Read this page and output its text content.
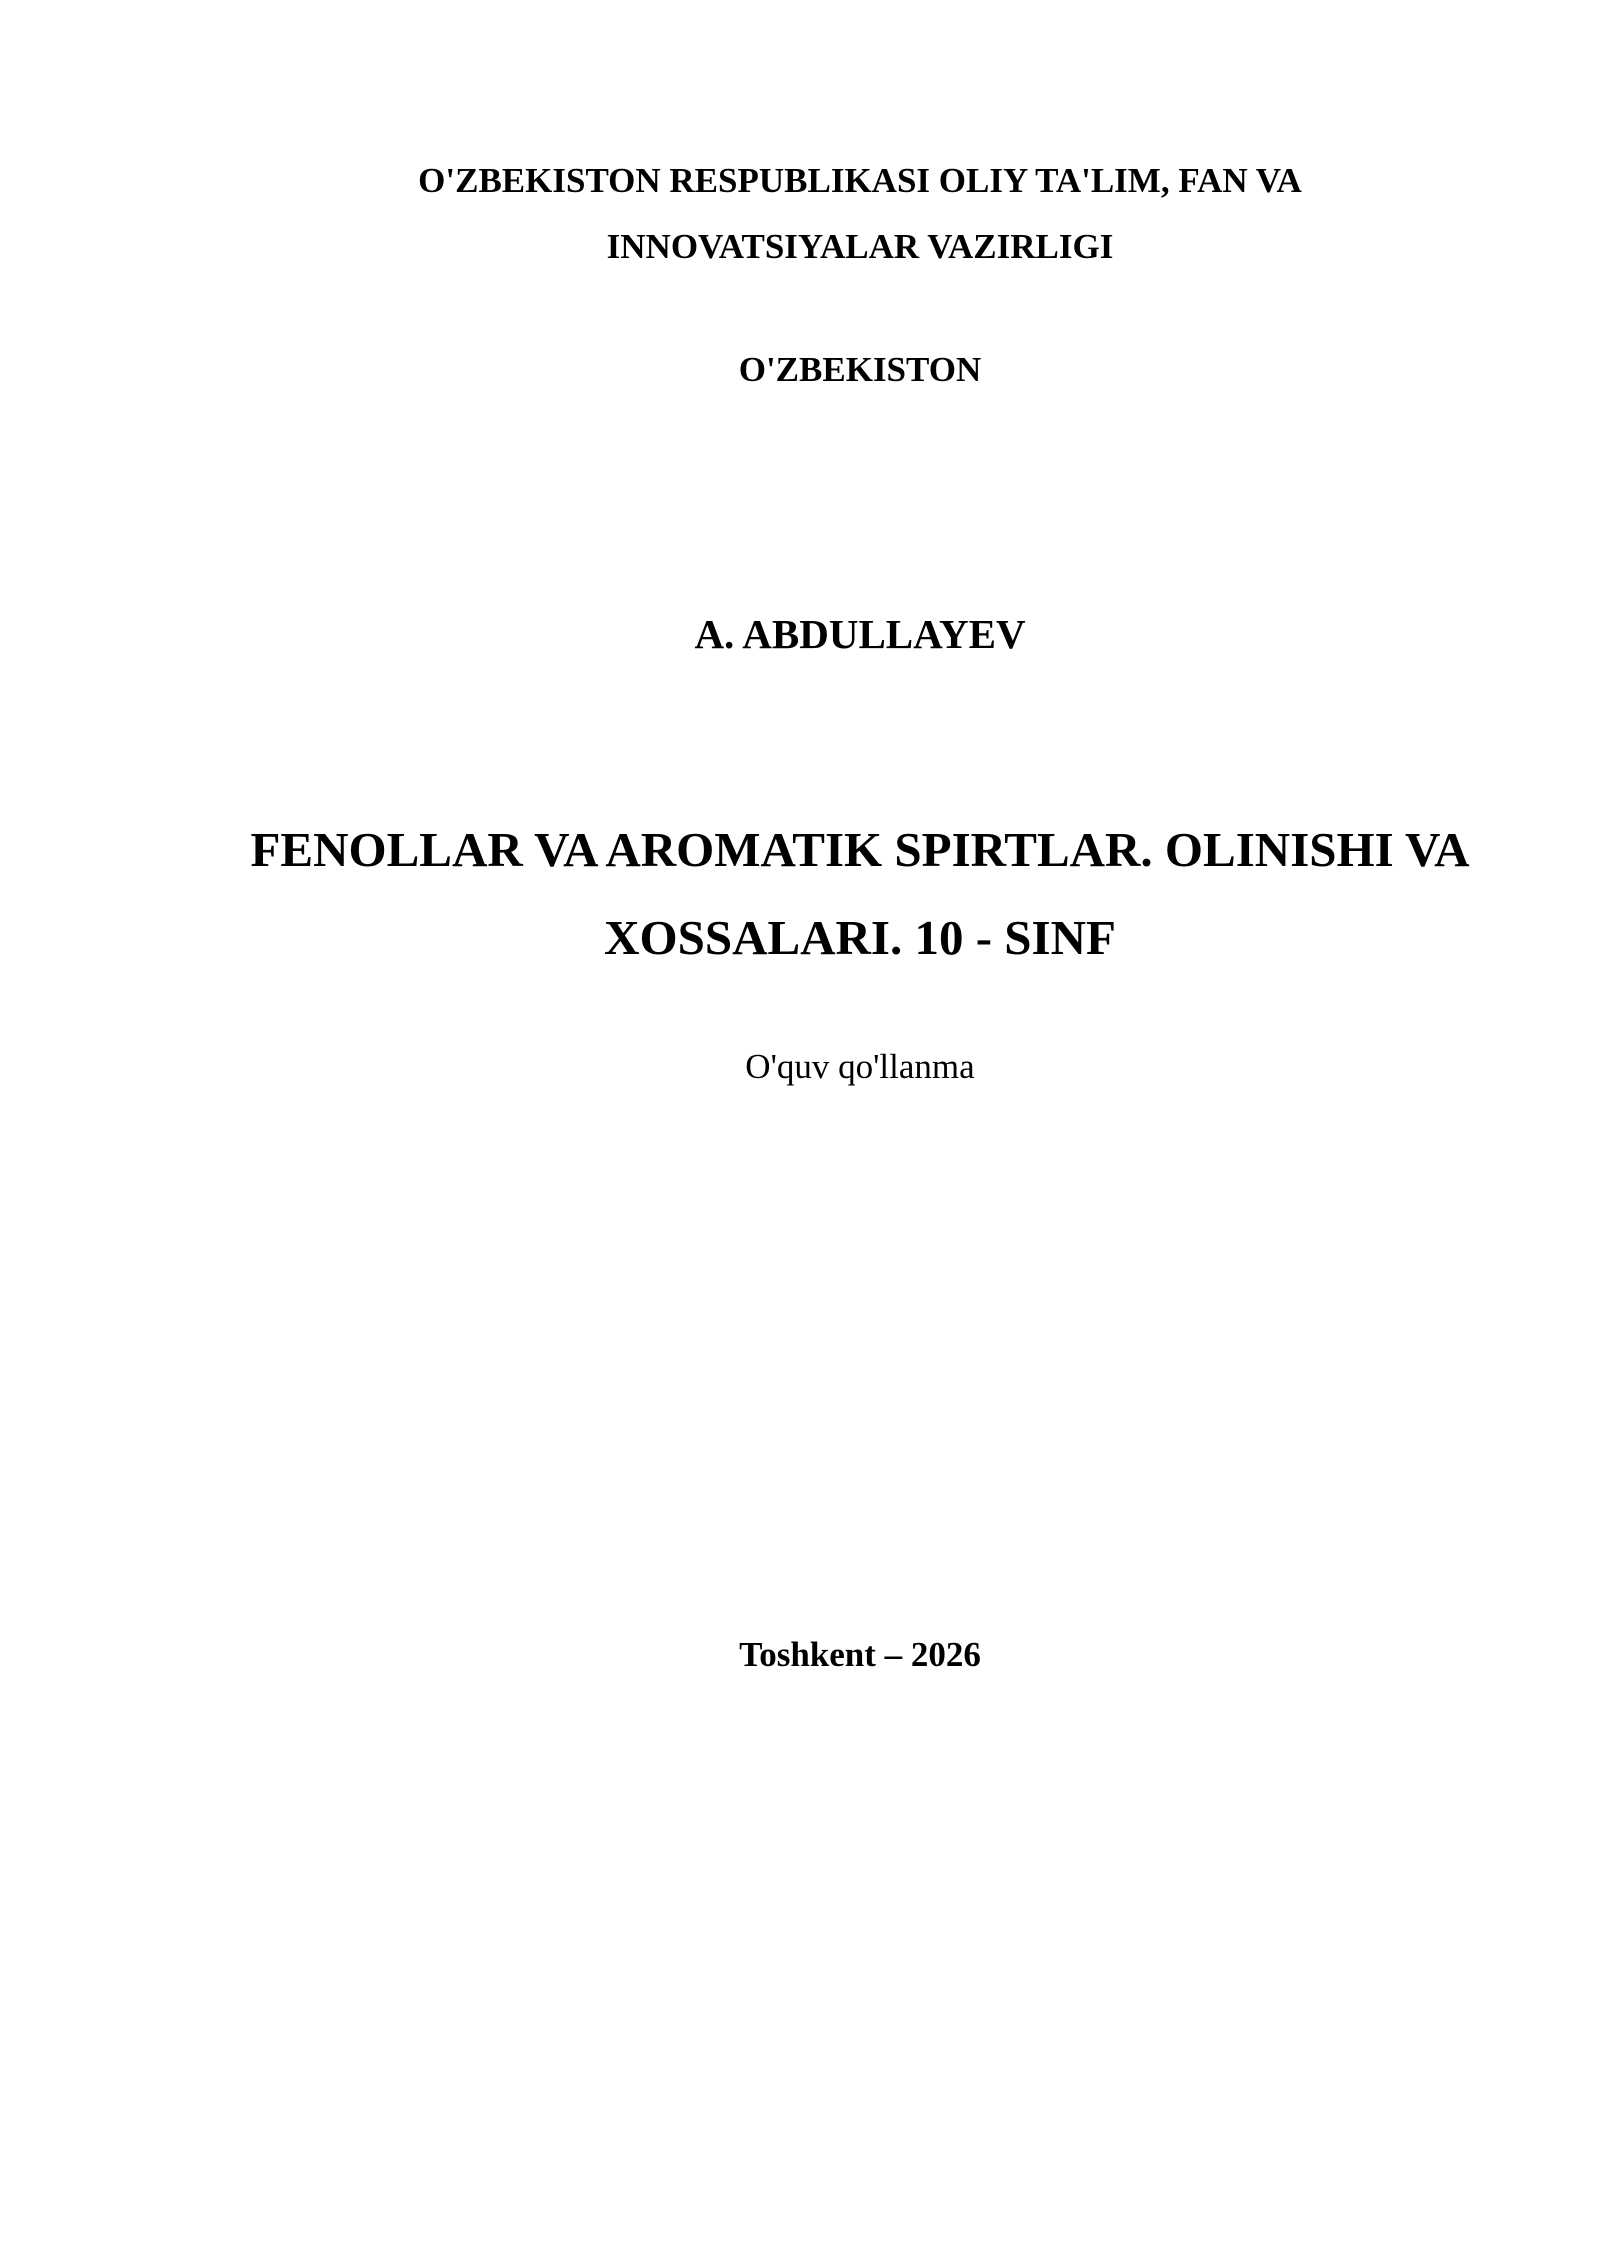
O'ZBEKISTON RESPUBLIKASI OLIY TA'LIM, FAN VA
INNOVATSIYALAR VAZIRLIGI
O'ZBEKISTON
A. ABDULLAYEV
FENOLLAR VA AROMATIK SPIRTLAR. OLINISHI VA
XOSSALARI. 10 - SINF
O'quv qo'llanma
Toshkent – 2026
